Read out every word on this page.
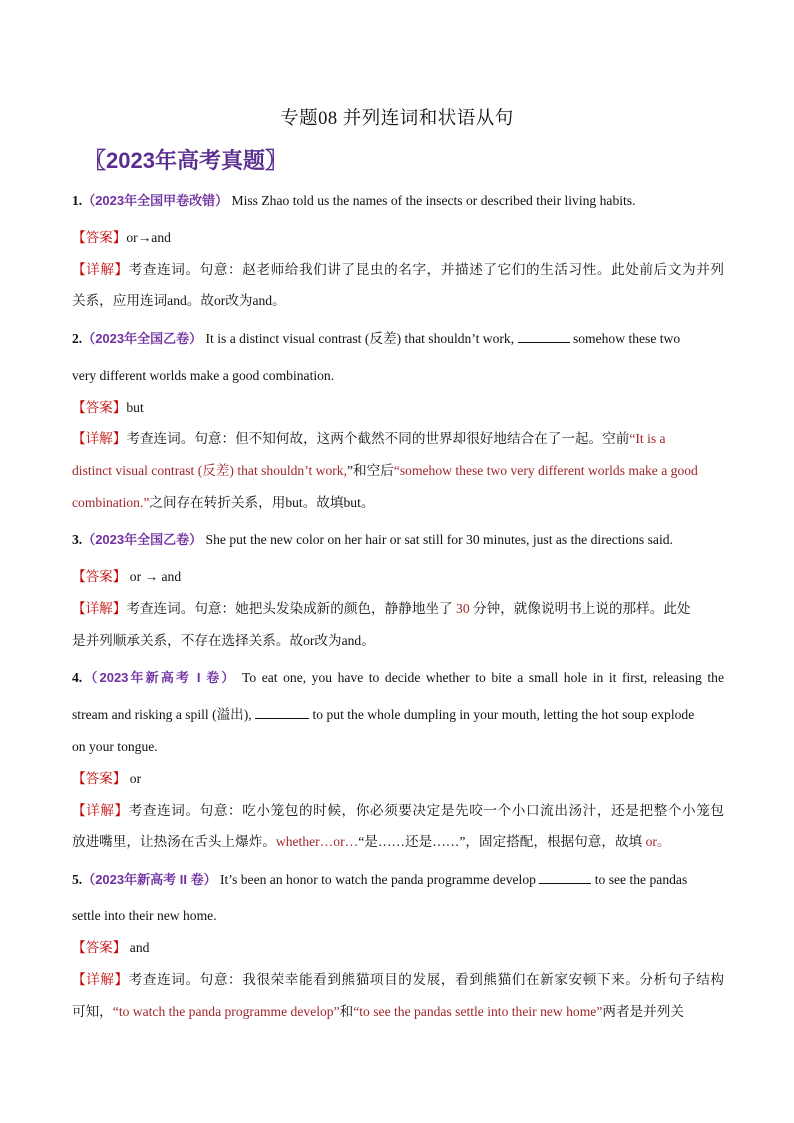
专题08 并列连词和状语从句
〖2023年高考真题〗
1.（2023年全国甲卷改错） Miss Zhao told us the names of the insects or described their living habits.
【答案】or→and
【详解】考查连词。句意：赵老师给我们讲了昆虫的名字，并描述了它们的生活习性。此处前后文为并列
关系，应用连词and。故or改为and。
2.（2023年全国乙卷） It is a distinct visual contrast (反差) that shouldn’t work,	somehow these two
very different worlds make a good combination.
【答案】but
【详解】考查连词。句意：但不知何故，这两个截然不同的世界却很好地结合在了一起。空前“It is a
distinct visual contrast (反差) that shouldn’t work,”和空后“somehow these two very different worlds make a good
combination.”之间存在转折关系，用but。故填but。
3.（2023年全国乙卷） She put the new color on her hair or sat still for 30 minutes, just as the directions said.
【答案】 or → and
【详解】考查连词。句意：她把头发染成新的颜色，静静地坐了 30 分钟，就像说明书上说的那样。此处
是并列顺承关系，不存在选择关系。故or改为and。
4.（2023年新高考 I 卷） To eat one, you have to decide whether to bite a small hole in it first, releasing the
stream and risking a spill (溢出),	to put the whole dumpling in your mouth, letting the hot soup explode
on your tongue.
【答案】 or
【详解】考查连词。句意：吃小笼包的时候，你必须要决定是先咬一个小口流出汤汁，还是把整个小笼包
放进嘴里，让热汤在舌头上爆炸。whether…or…“是……还是……”，固定搭配，根据句意，故填 or。
5.（2023年新高考 II 卷） It’s been an honor to watch the panda programme develop	to see the pandas
settle into their new home.
【答案】 and
【详解】考查连词。句意：我很荣幸能看到熊猫项目的发展，看到熊猫们在新家安顿下来。分析句子结构
可知，“to watch the panda programme develop”和“to see the pandas settle into their new home”两者是并列关
